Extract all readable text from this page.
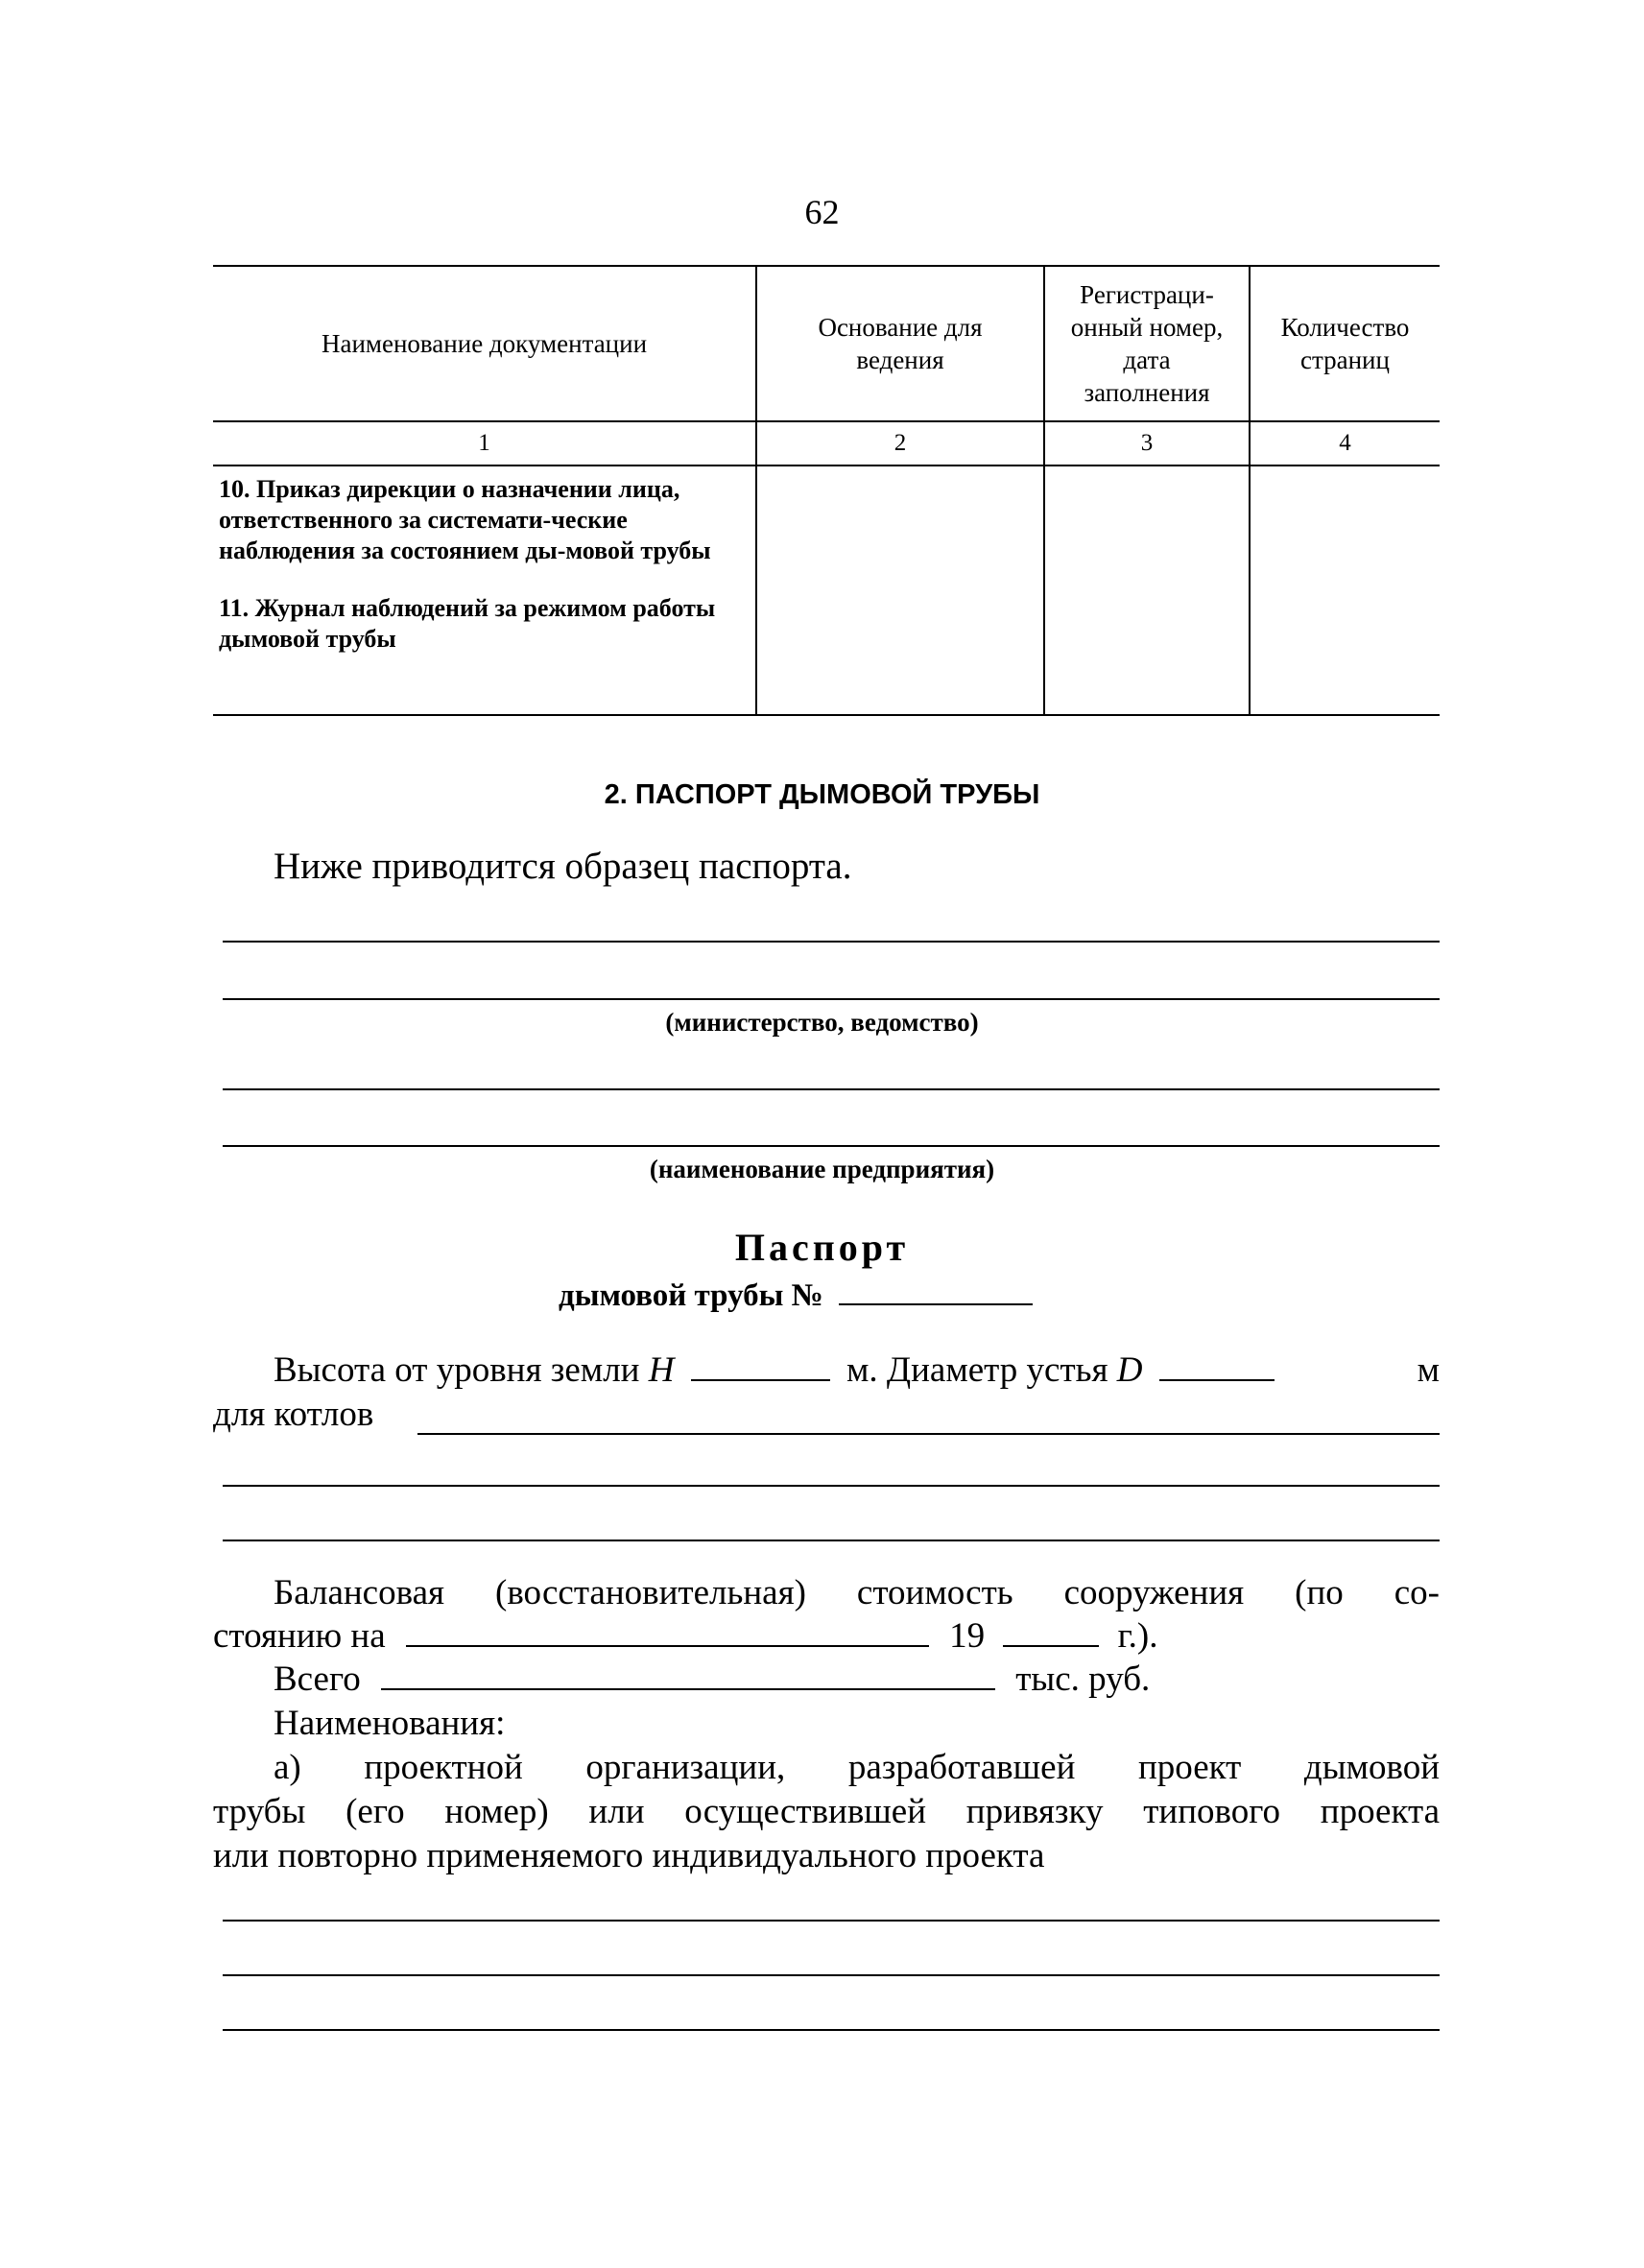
62
Наименование документации	Основание для ведения	Регистраци-онный номер, дата заполнения	Количество страниц
1	2	3	4

10. Приказ дирекции о назначении лица, ответственного за системати-ческие наблюдения за состоянием ды-мовой трубы
11. Журнал наблюдений за режимом работы дымовой трубы			

2. ПАСПОРТ ДЫМОВОЙ ТРУБЫ
Ниже приводится образец паспорта.
(министерство, ведомство)
(наименование предприятия)
Паспорт
дымовой трубы №
Высота от уровня земли H	м. Диаметр устья D	м
для котлов
Балансовая (восстановительная) стоимость сооружения (по со-
стоянию на	19	г.).
Всего	тыс. руб.
Наименования:
а) проектной организации, разработавшей проект дымовой
трубы (его номер) или осуществившей привязку типового проекта
или повторно применяемого индивидуального проекта
